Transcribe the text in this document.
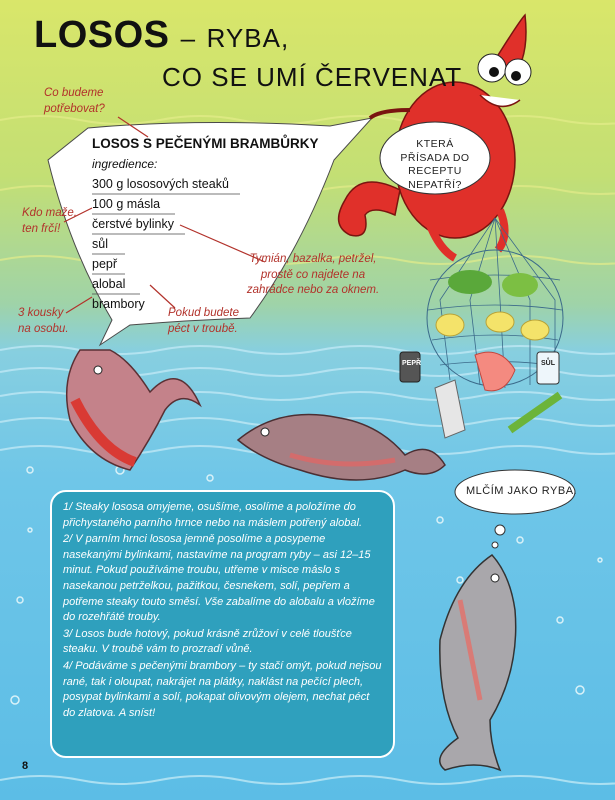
LOSOS – RYBA,
CO SE UMÍ ČERVENAT
Co budeme potřebovat?
Kdo maže, ten frčí!
3 kousky na osobu.
Pokud budete péct v troubě.
Tymián, bazalka, petržel, prostě co najdete na zahrádce nebo za oknem.
LOSOS S PEČENÝMI BRAMBŮRKY
ingredience:
300 g lososových steaků
100 g másla
čerstvé bylinky
sůl
pepř
alobal
brambory
KTERÁ PŘÍSADA DO RECEPTU NEPATŘÍ?
MLČÍM JAKO RYBA.
PEPŘ	SŮL

1/ Steaky lososa omyjeme, osušíme, osolíme a položíme do přichystaného parního hrnce nebo na máslem potřený alobal.

2/ V parním hrnci lososa jemně posolíme a posypeme nasekanými bylinkami, nastavíme na program ryby – asi 12–15 minut. Pokud používáme troubu, utřeme v misce máslo s nasekanou petrželkou, pažitkou, česnekem, solí, pepřem a potřeme steaky touto směsí. Vše zabalíme do alobalu a vložíme do rozehřáté trouby.

3/ Losos bude hotový, pokud krásně zrůžoví v celé tloušťce steaku. V troubě vám to prozradí vůně.

4/ Podáváme s pečenými brambory – ty stačí omýt, pokud nejsou rané, tak i oloupat, nakrájet na plátky, naklást na pečící plech, posypat bylinkami a solí, pokapat olivovým olejem, nechat péct do zlatova. A sníst!

8
